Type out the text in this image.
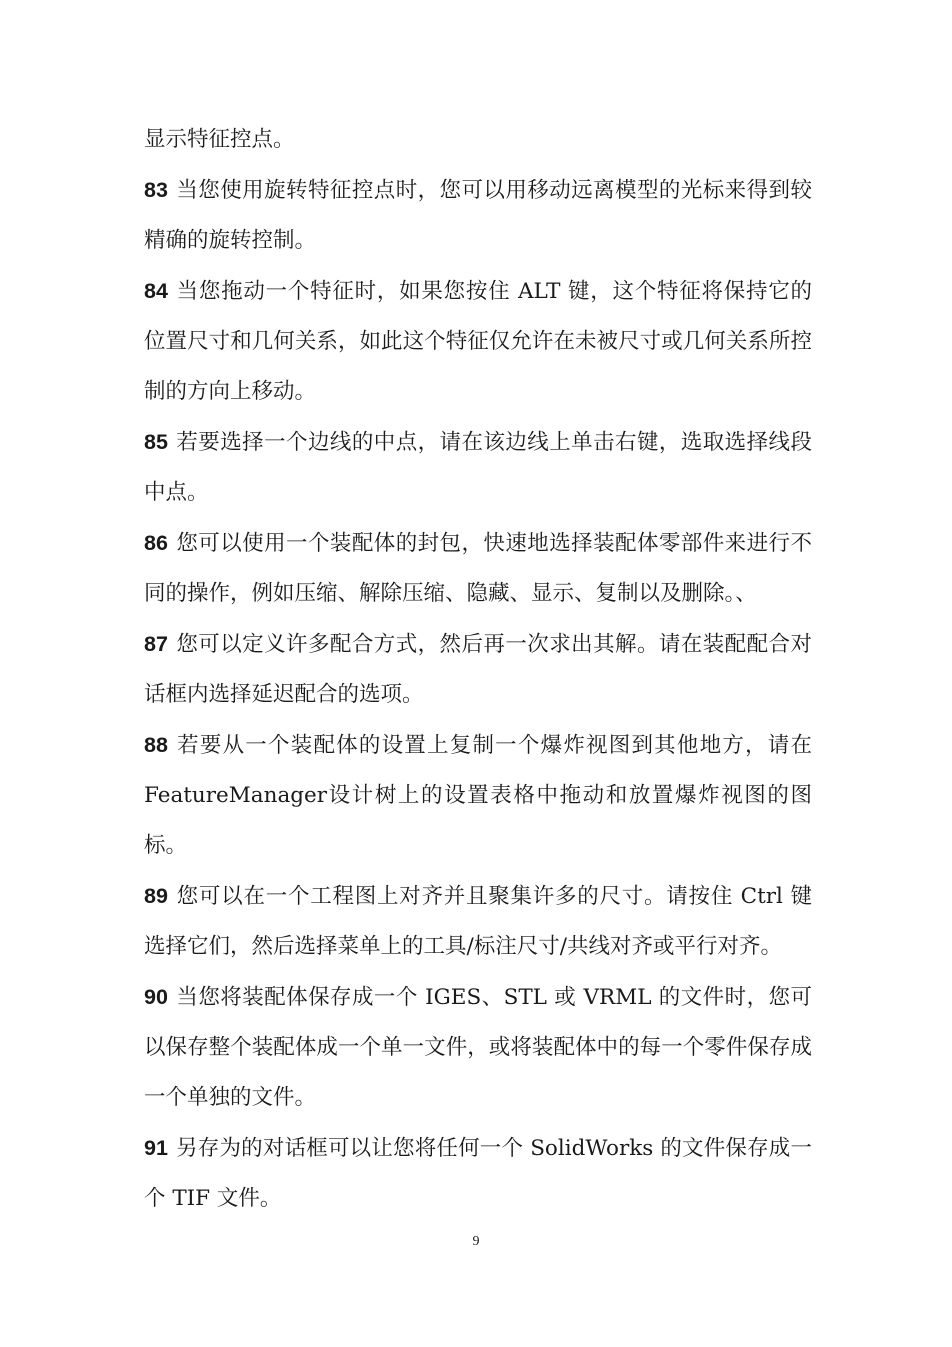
显示特征控点。

83 当您使用旋转特征控点时，您可以用移动远离模型的光标来得到较精确的旋转控制。

84 当您拖动一个特征时，如果您按住 ALT 键，这个特征将保持它的位置尺寸和几何关系，如此这个特征仅允许在未被尺寸或几何关系所控制的方向上移动。

85 若要选择一个边线的中点，请在该边线上单击右键，选取选择线段中点。

86 您可以使用一个装配体的封包，快速地选择装配体零部件来进行不同的操作，例如压缩、解除压缩、隐藏、显示、复制以及删除。、

87 您可以定义许多配合方式，然后再一次求出其解。请在装配配合对话框内选择延迟配合的选项。

88 若要从一个装配体的设置上复制一个爆炸视图到其他地方，请在FeatureManager设计树上的设置表格中拖动和放置爆炸视图的图标。

89 您可以在一个工程图上对齐并且聚集许多的尺寸。请按住 Ctrl 键选择它们，然后选择菜单上的工具/标注尺寸/共线对齐或平行对齐。

90 当您将装配体保存成一个 IGES、STL 或 VRML 的文件时，您可以保存整个装配体成一个单一文件，或将装配体中的每一个零件保存成一个单独的文件。

91 另存为的对话框可以让您将任何一个 SolidWorks 的文件保存成一个 TIF 文件。

9
